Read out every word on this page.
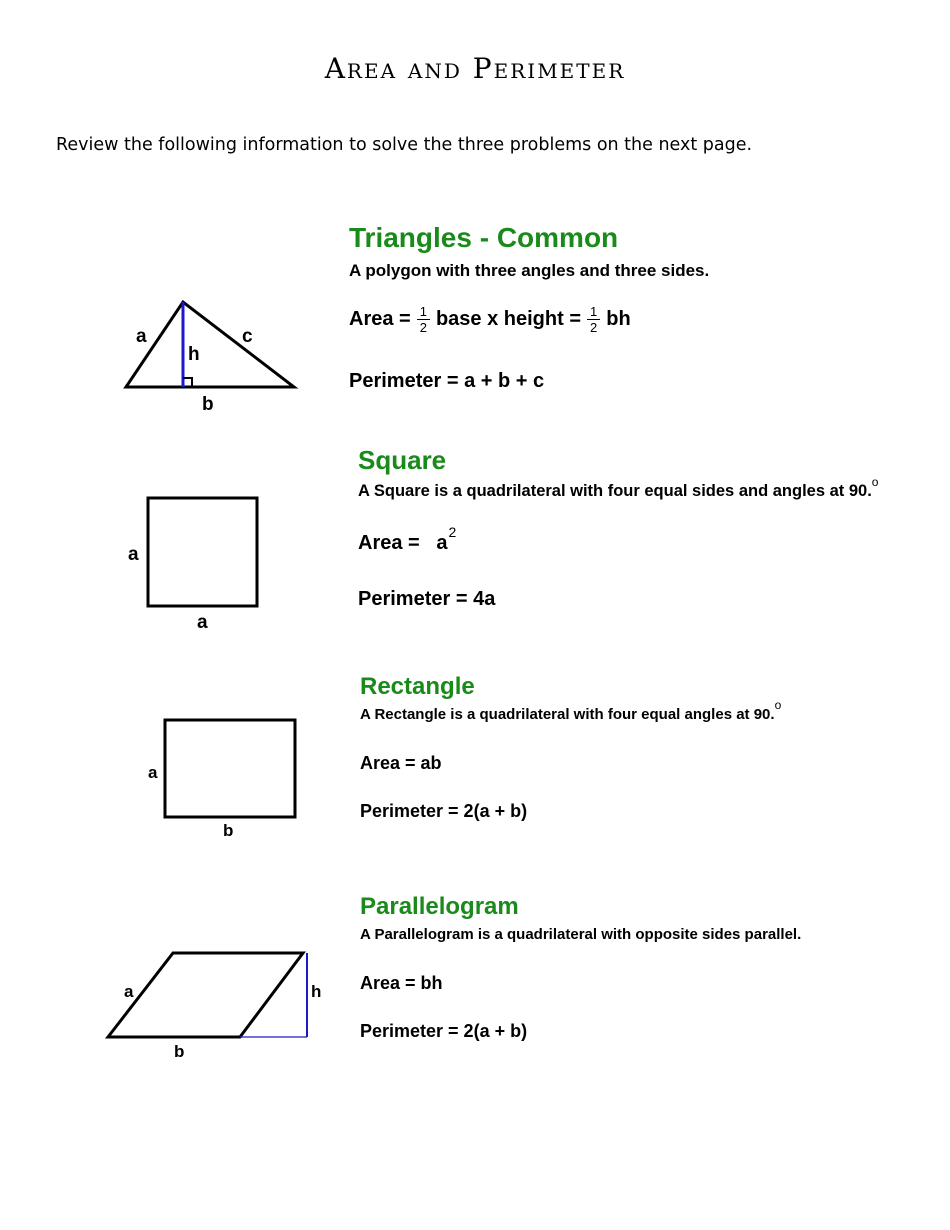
Area and Perimeter
Review the following information to solve the three problems on the next page.
a	c
h
b
Triangles - Common
A polygon with three angles and three sides.
Area = $\frac{1}{2}$ base x height = $\frac{1}{2}$ bh
Perimeter = a + b + c
a
a
Square
A Square is a quadrilateral with four equal sides and angles at 90.$^o$
Area = $a^2$
Perimeter = 4a
a
b
Rectangle
A Rectangle is a quadrilateral with four equal angles at 90.$^o$
Area = ab
Perimeter = 2(a + b)
a	h
b
Parallelogram
A Parallelogram is a quadrilateral with opposite sides parallel.
Area = bh
Perimeter = 2(a + b)
